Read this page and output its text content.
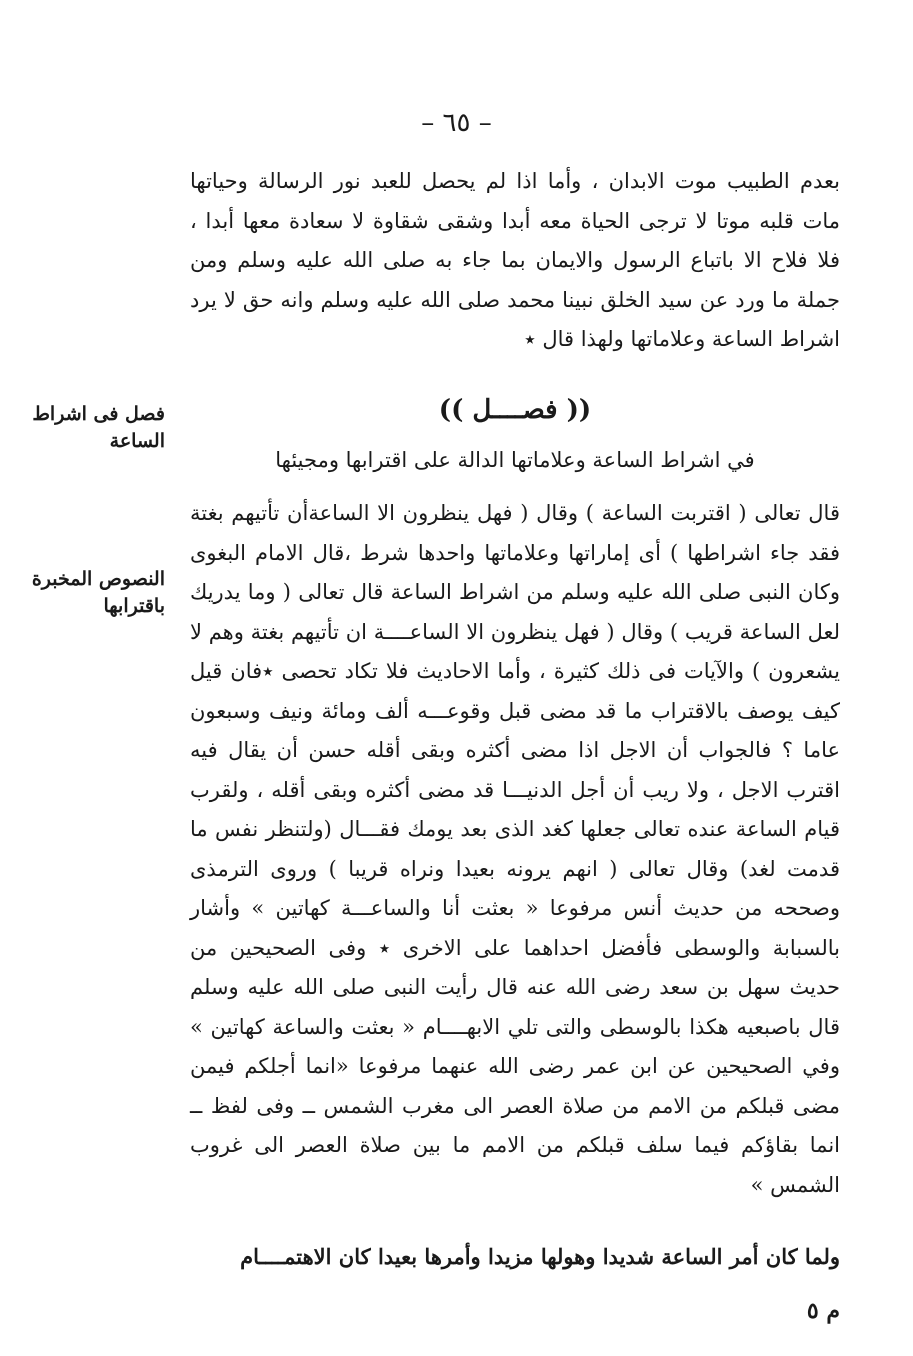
– ٦٥ –
بعدم الطبيب موت الابدان ، وأما اذا لم يحصل للعبد نور الرسالة وحياتها مات قلبه موتا لا ترجى الحياة معه أبدا وشقى شقاوة لا سعادة معها أبدا ، فلا فلاح الا باتباع الرسول والايمان بما جاء به صلى الله عليه وسلم ومن جملة ما ورد عن سيد الخلق نبينا محمد صلى الله عليه وسلم وانه حق لا يرد اشراط الساعة وعلاماتها ولهذا قال ٭
(( فصــــل ))
في اشراط الساعة وعلاماتها الدالة على اقترابها ومجيئها
قال تعالى ( اقتربت الساعة ) وقال ( فهل ينظرون الا الساعةأن تأتيهم بغتة فقد جاء اشراطها ) أى إماراتها وعلاماتها واحدها شرط ،قال الامام البغوى وكان النبى صلى الله عليه وسلم من اشراط الساعة قال تعالى ( وما يدريك لعل الساعة قريب ) وقال ( فهل ينظرون الا الساعــــة ان تأتيهم بغتة وهم لا يشعرون ) والآيات فى ذلك كثيرة ، وأما الاحاديث فلا تكاد تحصى ٭فان قيل كيف يوصف بالاقتراب ما قد مضى قبل وقوعـــه ألف ومائة ونيف وسبعون عاما ؟ فالجواب أن الاجل اذا مضى أكثره وبقى أقله حسن أن يقال فيه اقترب الاجل ، ولا ريب أن أجل الدنيـــا قد مضى أكثره وبقى أقله ، ولقرب قيام الساعة عنده تعالى جعلها كغد الذى بعد يومك فقـــال (ولتنظر نفس ما قدمت لغد) وقال تعالى ( انهم يرونه بعيدا ونراه قريبا ) وروى الترمذى وصححه من حديث أنس مرفوعا « بعثت أنا والساعـــة كهاتين » وأشار بالسبابة والوسطى فأفضل احداهما على الاخرى ٭ وفى الصحيحين من حديث سهل بن سعد رضى الله عنه قال رأيت النبى صلى الله عليه وسلم قال باصبعيه هكذا بالوسطى والتى تلي الابهــــام « بعثت والساعة كهاتين » وفي الصحيحين عن ابن عمر رضى الله عنهما مرفوعا «انما أجلكم فيمن مضى قبلكم من الامم من صلاة العصر الى مغرب الشمس ــ وفى لفظ ــ انما بقاؤكم فيما سلف قبلكم من الامم ما بين صلاة العصر الى غروب الشمس »
ولما كان أمر الساعة شديدا وهولها مزيدا وأمرها بعيدا كان الاهتمــــام
فصل فى اشراط الساعة
النصوص المخبرة باقترابها
م ٥
